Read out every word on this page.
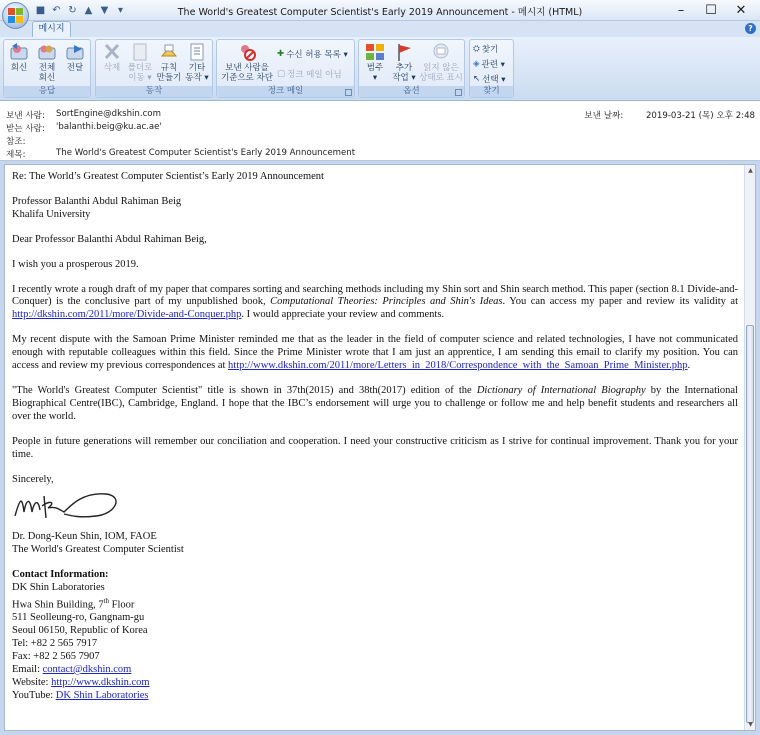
■ ↶ ↻ ▲ ▼ ▾	The World's Greatest Computer Scientist's Early 2019 Announcement - 메시지 (HTML)	–	☐	✕
메시지	?
회신	전체
회신
전달
응답
삭제 폴더로
이동 ▾
규칙
만들기
기타
동작 ▾
동작
보낸 사람을
기준으로 차단
✚ 수신 허용 목록 ▾
▢ 정크 메일 아님
정크 메일
범주
▾
추가
작업 ▾
읽지 않은
상태로 표시
옵션
⛭ 찾기
◈ 관련 ▾
↖ 선택 ▾
찾기
보낸 사람: SortEngine@dkshin.com
받는 사람: 'balanthi.beig@ku.ac.ae'
참조:
제목:	The World's Greatest Computer Scientist's Early 2019 Announcement
보낸 날짜:	2019-03-21 (목) 오후 2:48

Re: The World’s Greatest Computer Scientist’s Early 2019 Announcement

Professor Balanthi Abdul Rahiman Beig

Khalifa University

Dear Professor Balanthi Abdul Rahiman Beig,

I wish you a prosperous 2019.

I recently wrote a rough draft of my paper that compares sorting and searching methods including my Shin sort and Shin search method. This paper (section 8.1 Divide-and-Conquer) is the conclusive part of my unpublished book, Computational Theories: Principles and Shin's Ideas. You can access my paper and review its validity at http://dkshin.com/2011/more/Divide-and-Conquer.php. I would appreciate your review and comments.

My recent dispute with the Samoan Prime Minister reminded me that as the leader in the field of computer science and related technologies, I have not communicated enough with reputable colleagues within this field. Since the Prime Minister wrote that I am just an apprentice, I am sending this email to clarify my position. You can access and review my previous correspondences at http://www.dkshin.com/2011/more/Letters_in_2018/Correspondence_with_the_Samoan_Prime_Minister.php.

"The World's Greatest Computer Scientist" title is shown in 37th(2015) and 38th(2017) edition of the Dictionary of International Biography by the International Biographical Centre(IBC), Cambridge, England. I hope that the IBC’s endorsement will urge you to challenge or follow me and help benefit students and researchers all over the world.

People in future generations will remember our conciliation and cooperation. I need your constructive criticism as I strive for continual improvement. Thank you for your time.

Sincerely,

Dr. Dong-Keun Shin, IOM, FAOE

The World's Greatest Computer Scientist

Contact Information:

DK Shin Laboratories

Hwa Shin Building, 7th Floor

511 Seolleung-ro, Gangnam-gu

Seoul 06150, Republic of Korea

Tel: +82 2 565 7917

Fax: +82 2 565 7907

Email: contact@dkshin.com

Website: http://www.dkshin.com

YouTube: DK Shin Laboratories

▲
▼
